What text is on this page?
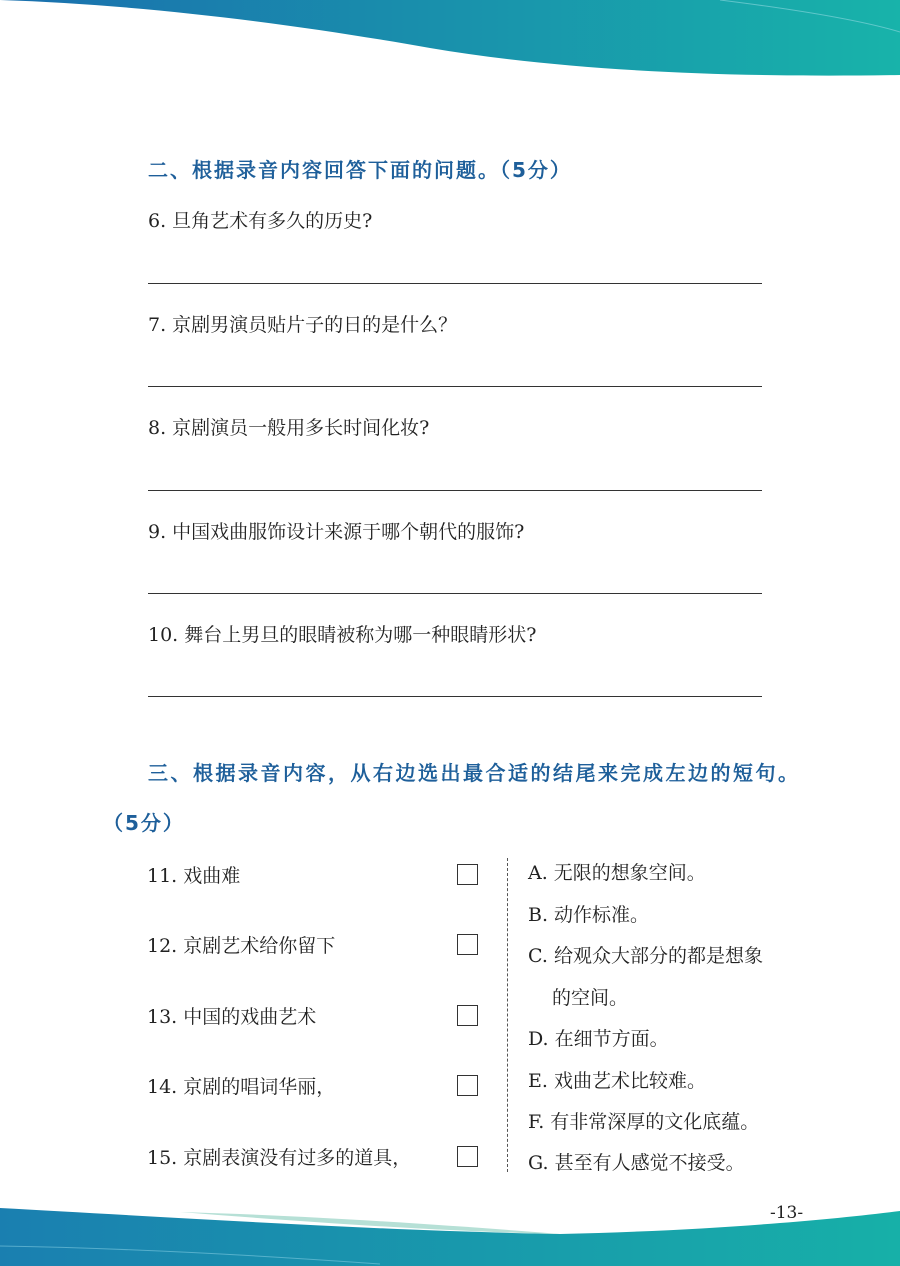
二、根据录音内容回答下面的问题。（5分）
6. 旦角艺术有多久的历史?
7. 京剧男演员贴片子的日的是什么？
8. 京剧演员一般用多长时间化妆?
9. 中国戏曲服饰设计来源于哪个朝代的服饰?
10. 舞台上男旦的眼睛被称为哪一种眼睛形状?
三、根据录音内容，从右边选出最合适的结尾来完成左边的短句。
（5分）
11. 戏曲难
12. 京剧艺术给你留下
13. 中国的戏曲艺术
14. 京剧的唱词华丽，
15. 京剧表演没有过多的道具，
A. 无限的想象空间。
B. 动作标准。
C. 给观众大部分的都是想象
的空间。
D. 在细节方面。
E. 戏曲艺术比较难。
F. 有非常深厚的文化底蕴。
G. 甚至有人感觉不接受。
-13-
